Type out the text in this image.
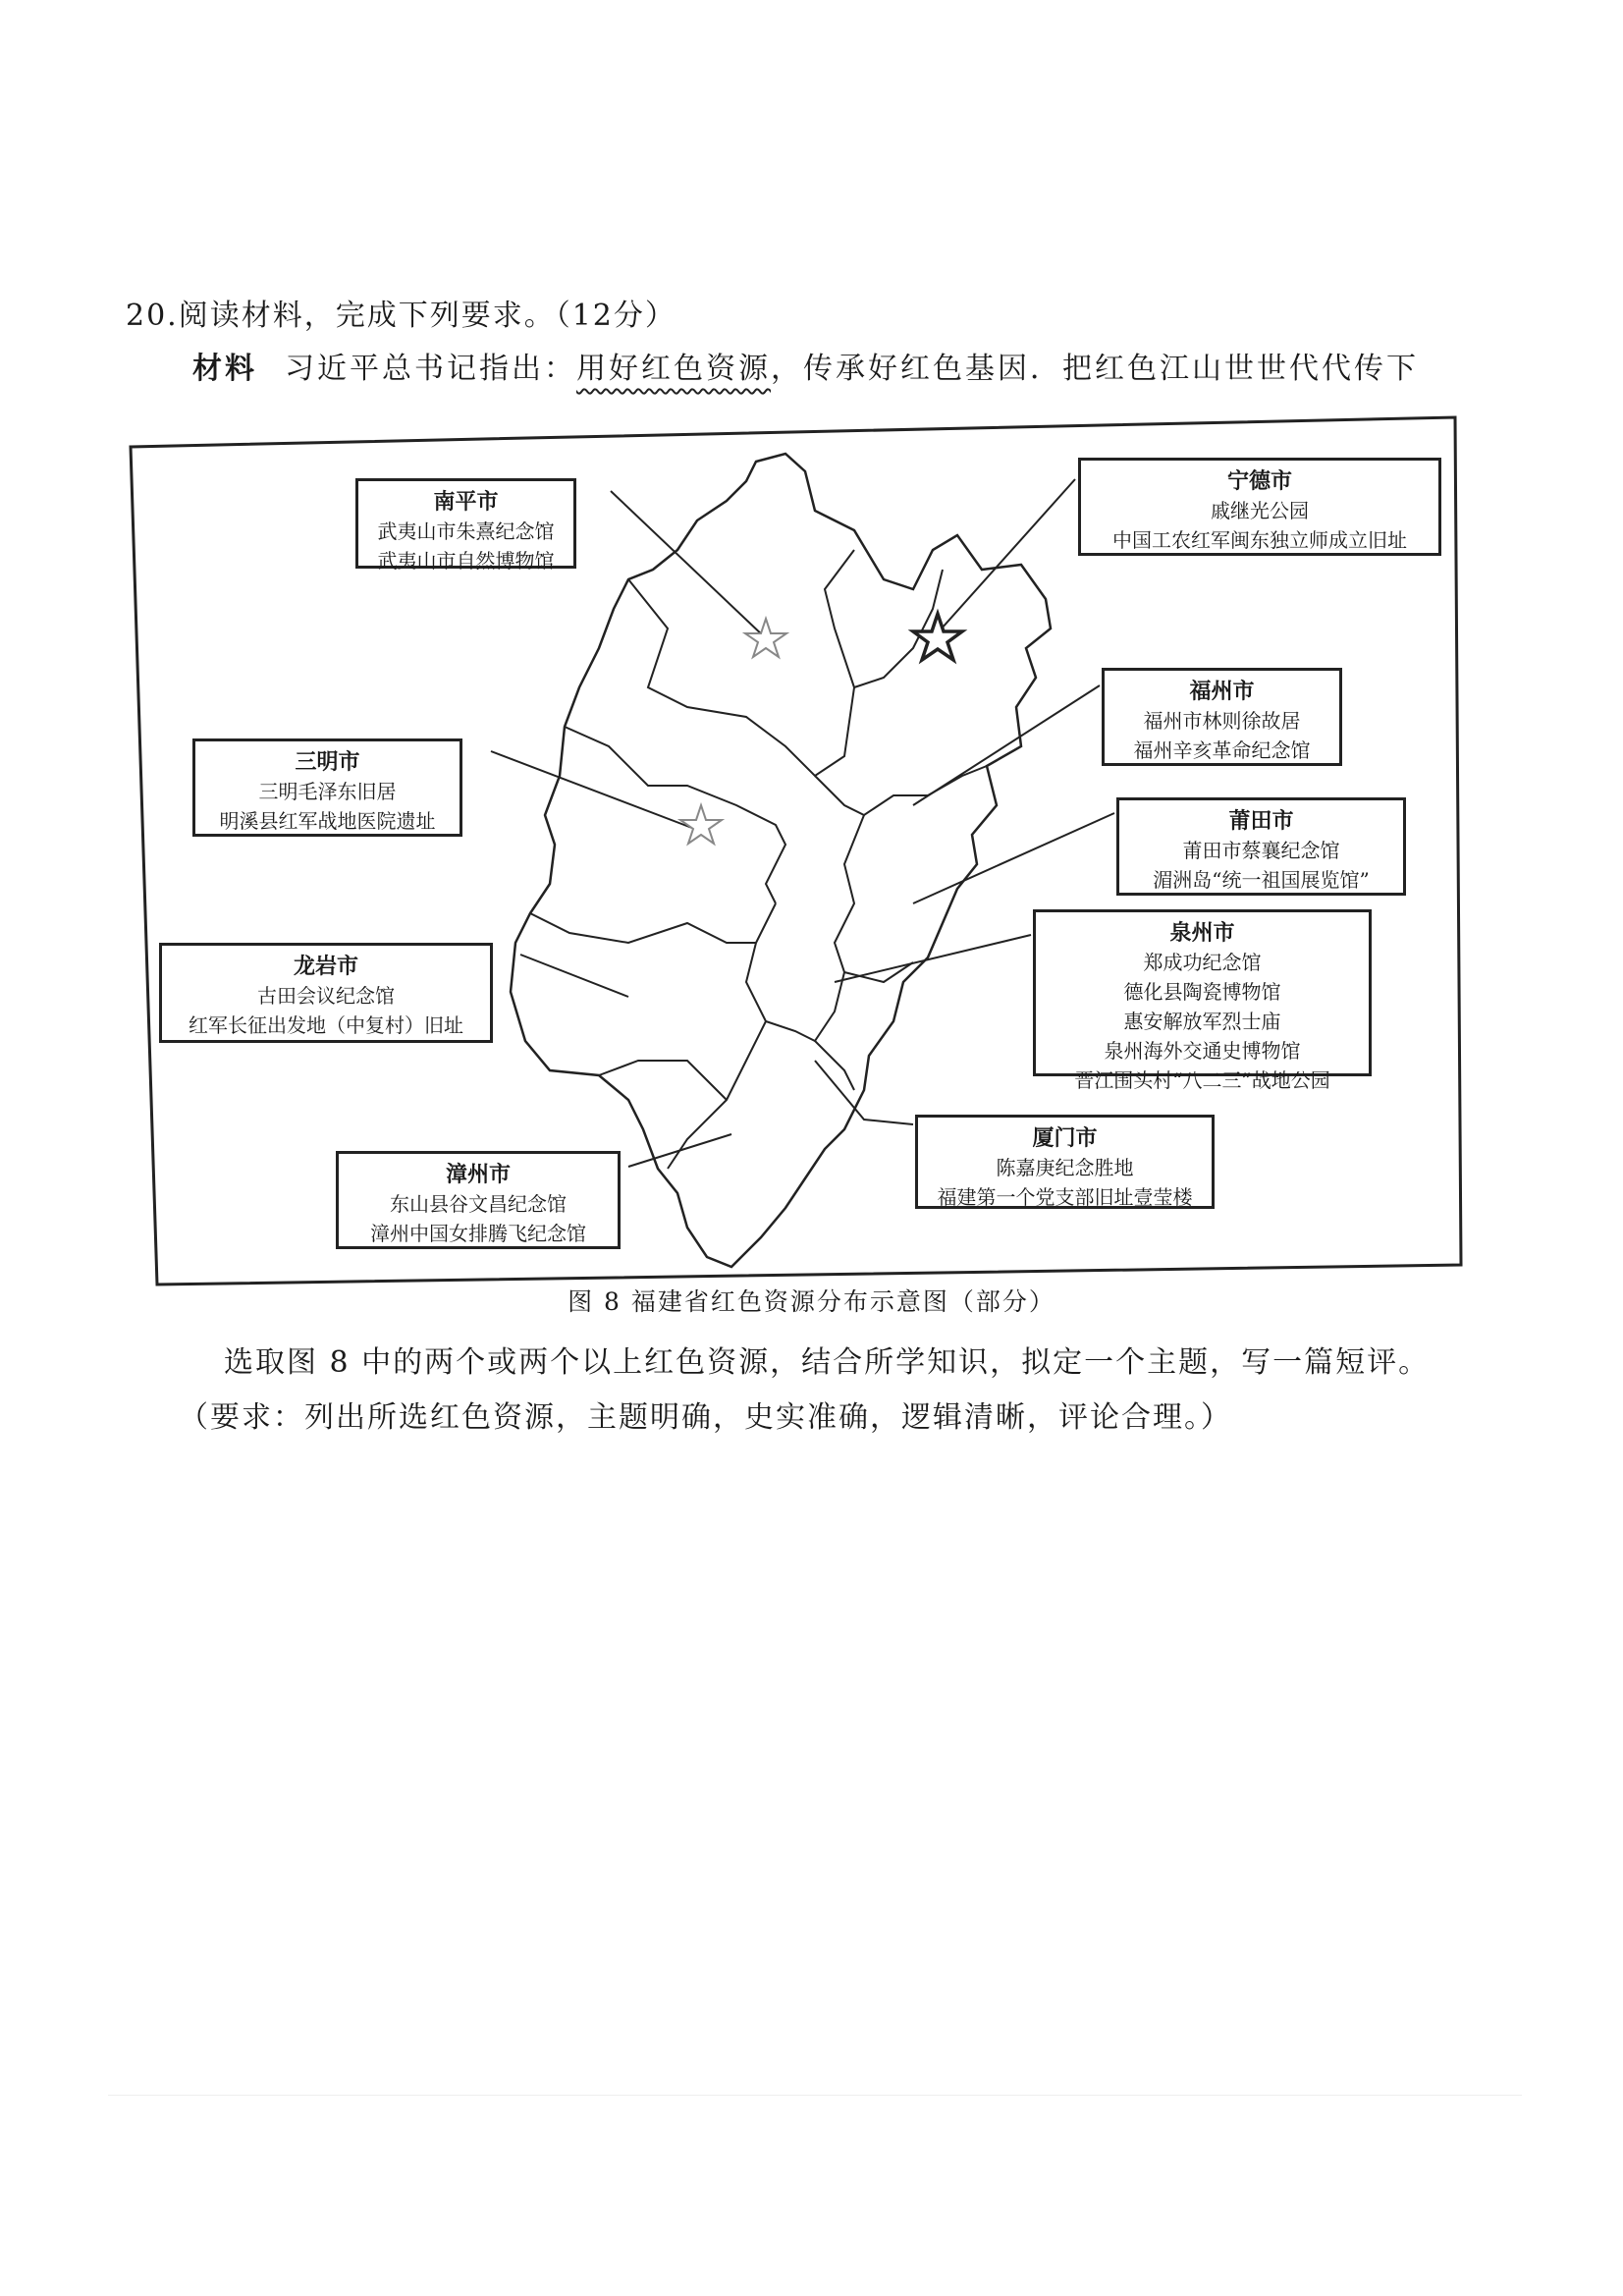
20.阅读材料，完成下列要求。（12分）
材料 习近平总书记指出：用好红色资源，传承好红色基因．把红色江山世世代代传下
南平市
武夷山市朱熹纪念馆
武夷山市自然博物馆
宁德市
戚继光公园
中国工农红军闽东独立师成立旧址
三明市
三明毛泽东旧居
明溪县红军战地医院遗址
福州市
福州市林则徐故居
福州辛亥革命纪念馆
莆田市
莆田市蔡襄纪念馆
湄洲岛“统一祖国展览馆”
龙岩市
古田会议纪念馆
红军长征出发地（中复村）旧址
泉州市
郑成功纪念馆
德化县陶瓷博物馆
惠安解放军烈士庙
泉州海外交通史博物馆
晋江围头村“八二三”战地公园
厦门市
陈嘉庚纪念胜地
福建第一个党支部旧址壹莹楼
漳州市
东山县谷文昌纪念馆
漳州中国女排腾飞纪念馆
图 8 福建省红色资源分布示意图（部分）
选取图 8 中的两个或两个以上红色资源，结合所学知识，拟定一个主题，写一篇短评。
（要求：列出所选红色资源，主题明确，史实准确，逻辑清晰，评论合理。）
